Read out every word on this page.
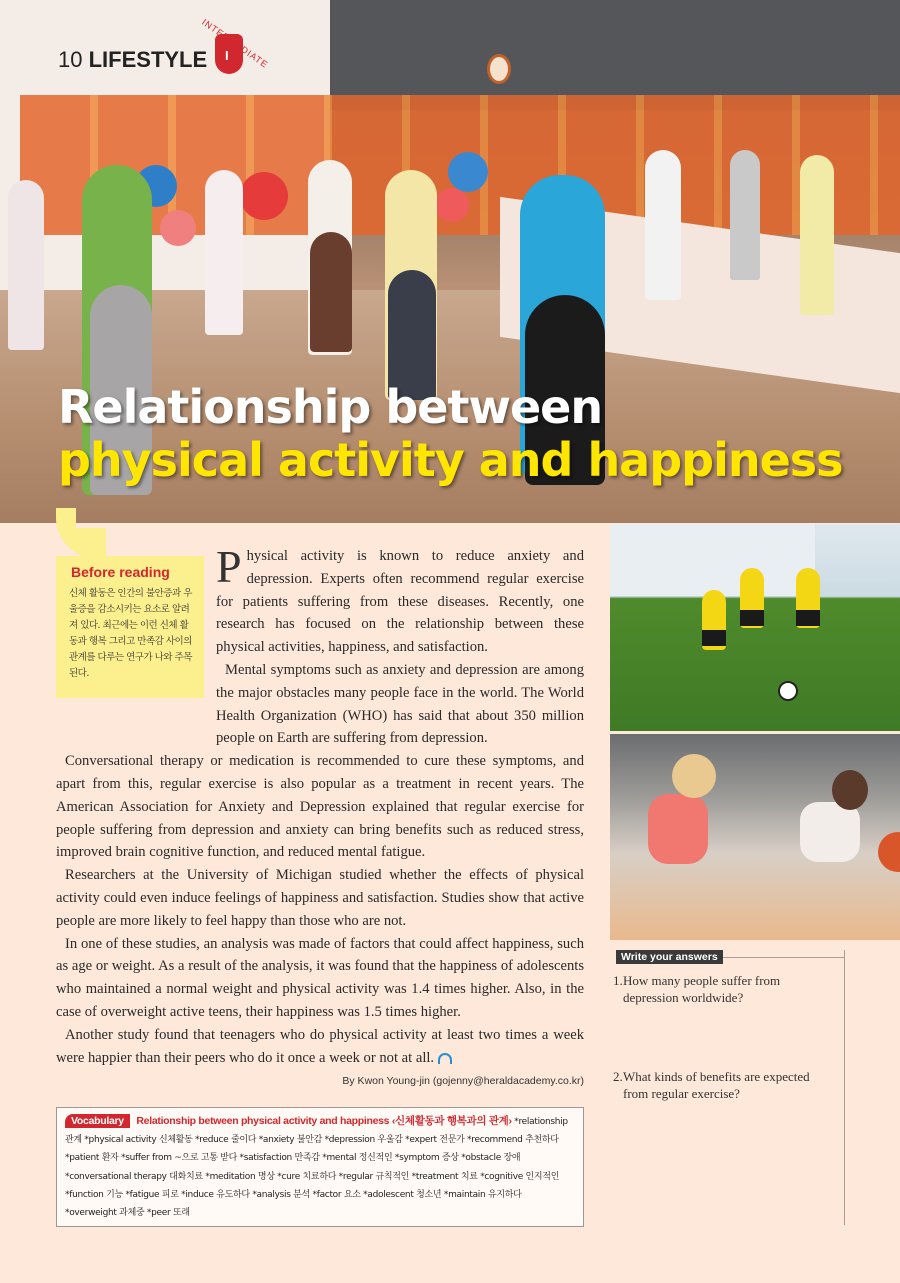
10 LIFESTYLE
I
Relationship between
physical activity and happiness
Before reading

신체 활동은 인간의 불안증과 우울증을 감소시키는 요소로 알려져 있다. 최근에는 이런 신체 활동과 행복 그리고 만족감 사이의 관계를 다루는 연구가 나와 주목된다.

P hysical activity is known to reduce anxiety and depression. Experts often recommend regular exercise for patients suffering from these diseases. Recently, one research has focused on the relationship between these physical activities, happiness, and satisfaction.

Mental symptoms such as anxiety and depression are among the major obstacles many people face in the world. The World Health Organization (WHO) has said that about 350 million people on Earth are suffering from depression.

Conversational therapy or medication is recommended to cure these symptoms, and apart from this, regular exercise is also popular as a treatment in recent years. The American Association for Anxiety and Depression explained that regular exercise for people suffering from depression and anxiety can bring benefits such as reduced stress, improved brain cognitive function, and reduced mental fatigue.

Researchers at the University of Michigan studied whether the effects of physical activity could even induce feelings of happiness and satisfaction. Studies show that active people are more likely to feel happy than those who are not.

In one of these studies, an analysis was made of factors that could affect happiness, such as age or weight. As a result of the analysis, it was found that the happiness of adolescents who maintained a normal weight and physical activity was 1.4 times higher. Also, in the case of overweight active teens, their happiness was 1.5 times higher.

Another study found that teenagers who do physical activity at least two times a week were happier than their peers who do it once a week or not at all.

By Kwon Young-jin (gojenny@heraldacademy.co.kr)
Write your answers
1. How many people suffer from depression worldwide?
2. What kinds of benefits are expected from regular exercise?
Vocabulary Relationship between physical activity and happiness ‹신체활동과 행복과의 관계› *relationship 관계 *physical activity 신체활동 *reduce 줄이다 *anxiety 불안감 *depression 우울감 *expert 전문가 *recommend 추천하다 *patient 환자 *suffer from ~으로 고통 받다 *satisfaction 만족감 *mental 정신적인 *symptom 증상 *obstacle 장애 *conversational therapy 대화치료 *meditation 명상 *cure 치료하다 *regular 규칙적인 *treatment 치료 *cognitive 인지적인 *function 기능 *fatigue 피로 *induce 유도하다 *analysis 분석 *factor 요소 *adolescent 청소년 *maintain 유지하다 *overweight 과체중 *peer 또래
